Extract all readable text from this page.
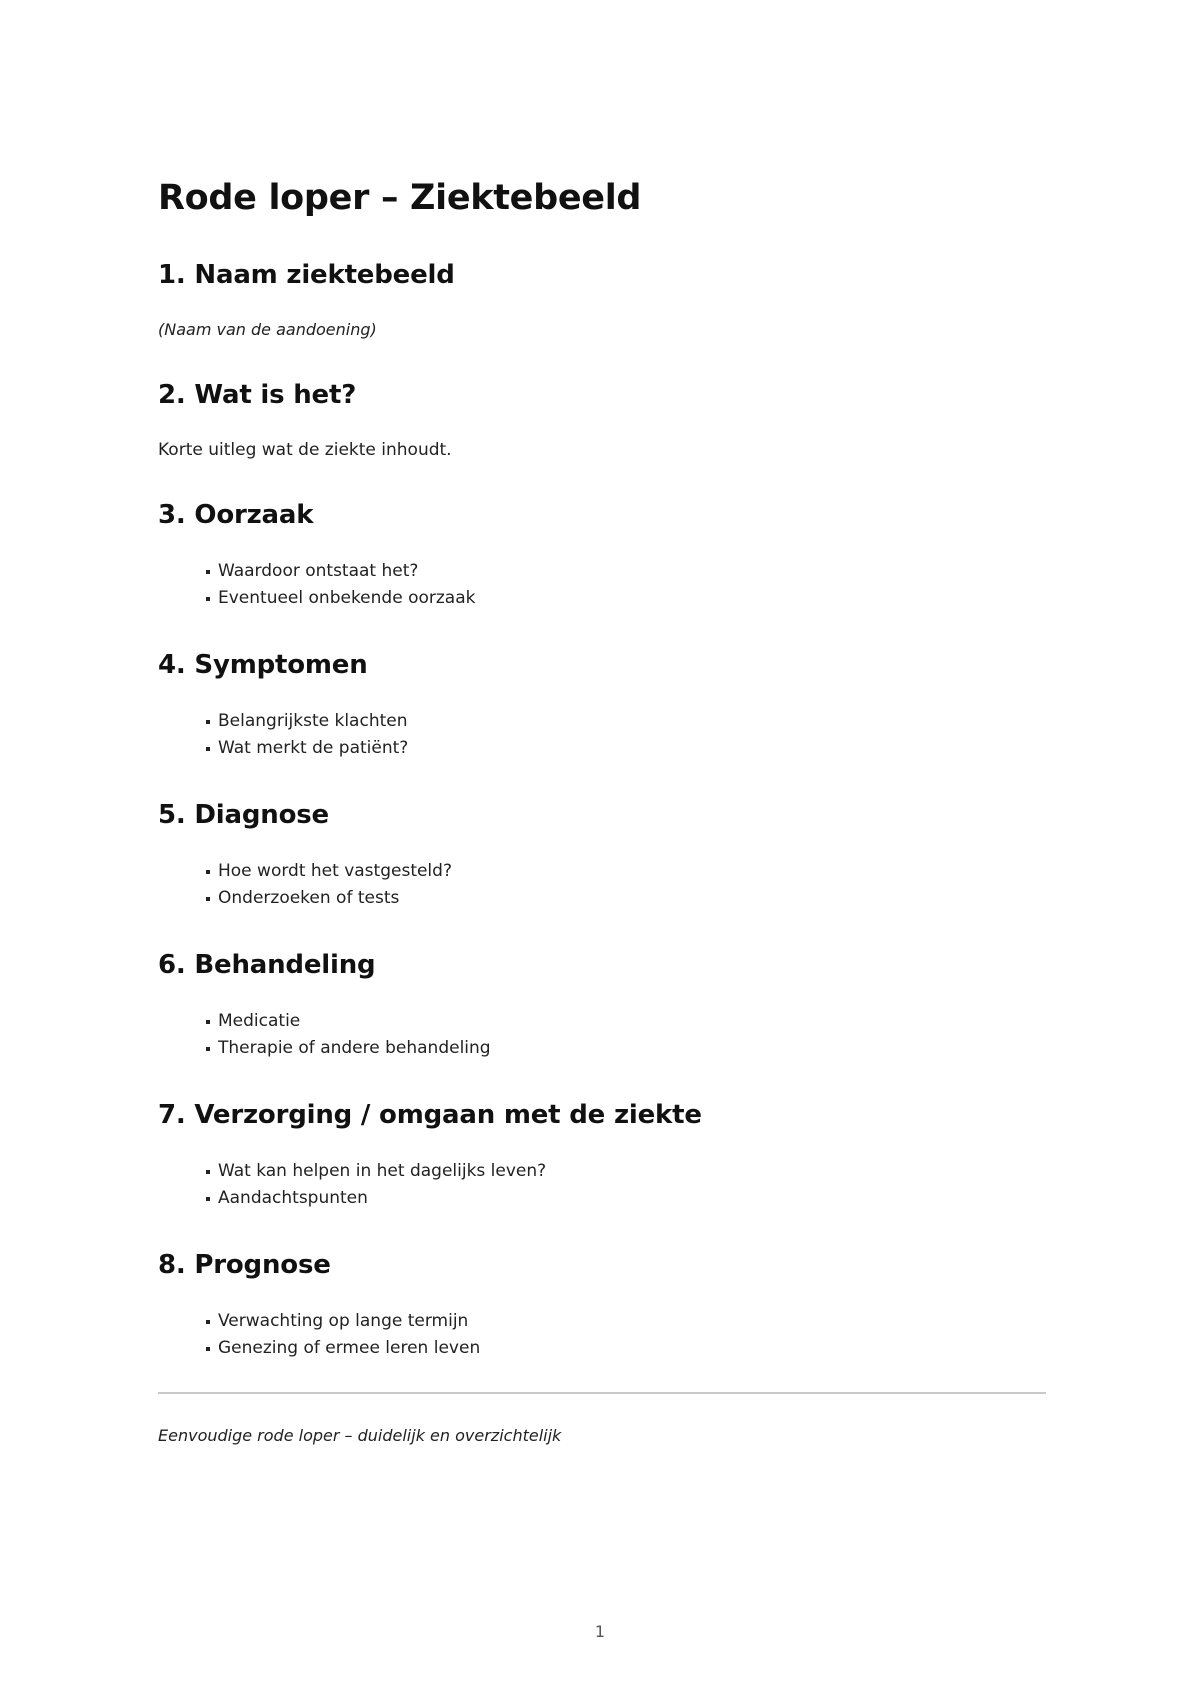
Rode loper – Ziektebeeld
1. Naam ziektebeeld

(Naam van de aandoening)

2. Wat is het?

Korte uitleg wat de ziekte inhoudt.

3. Oorzaak
Waardoor ontstaat het?
Eventueel onbekende oorzaak
4. Symptomen
Belangrijkste klachten
Wat merkt de patiënt?
5. Diagnose
Hoe wordt het vastgesteld?
Onderzoeken of tests
6. Behandeling
Medicatie
Therapie of andere behandeling
7. Verzorging / omgaan met de ziekte
Wat kan helpen in het dagelijks leven?
Aandachtspunten
8. Prognose
Verwachting op lange termijn
Genezing of ermee leren leven

Eenvoudige rode loper – duidelijk en overzichtelijk

1
